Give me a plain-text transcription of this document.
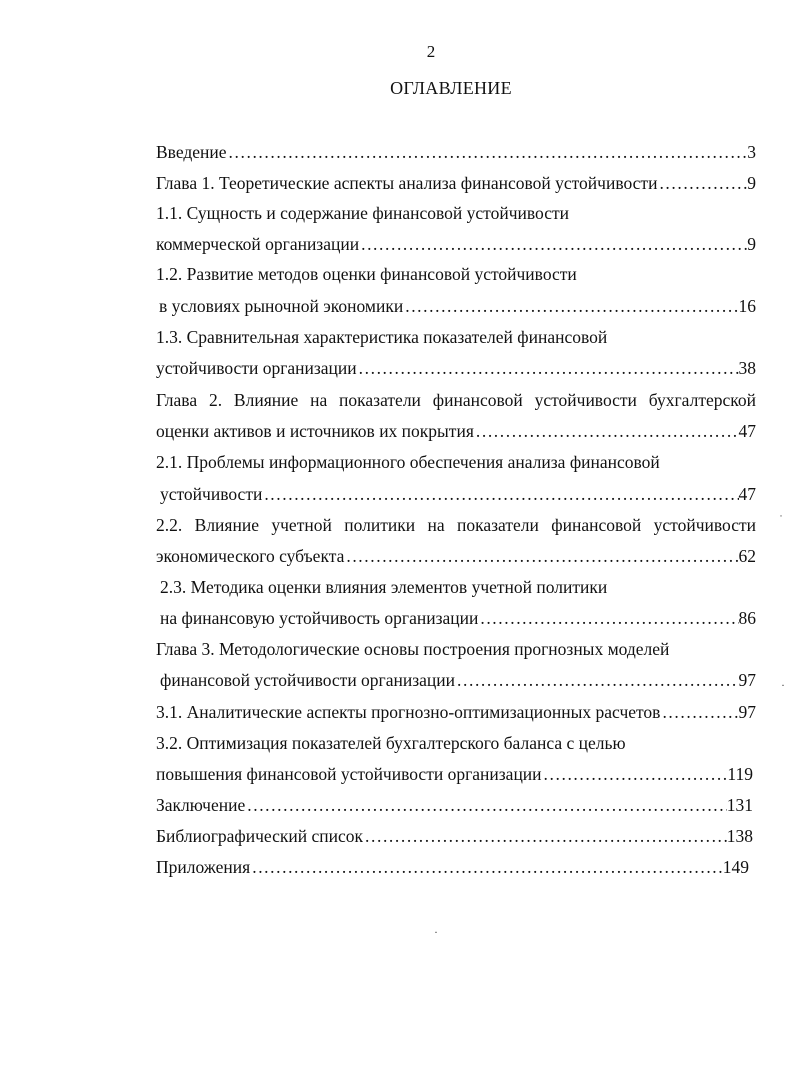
2
ОГЛАВЛЕНИЕ
Введение .....	3
Глава 1. Теоретические аспекты анализа финансовой устойчивости .....	9
1.1. Сущность и содержание финансовой устойчивости
коммерческой организации .....	9
1.2. Развитие методов оценки финансовой устойчивости
в условиях рыночной экономики .....	16
1.3. Сравнительная характеристика показателей финансовой
устойчивости организации .....	38
Глава 2. Влияние на показатели финансовой устойчивости бухгалтерской
оценки активов и источников их покрытия .....	47
2.1. Проблемы информационного обеспечения анализа финансовой
устойчивости .....	47
2.2. Влияние учетной политики на показатели финансовой устойчивости
экономического субъекта .....	62
2.3. Методика оценки влияния элементов учетной политики
на финансовую устойчивость организации .....	86
Глава 3. Методологические основы построения прогнозных моделей
финансовой устойчивости организации .....	97
3.1. Аналитические аспекты прогнозно-оптимизационных расчетов .....	97
3.2. Оптимизация показателей бухгалтерского баланса с целью
повышения финансовой устойчивости организации .....	119
Заключение .....	131
Библиографический список .....	138
Приложения .....	149
˙
·
·
